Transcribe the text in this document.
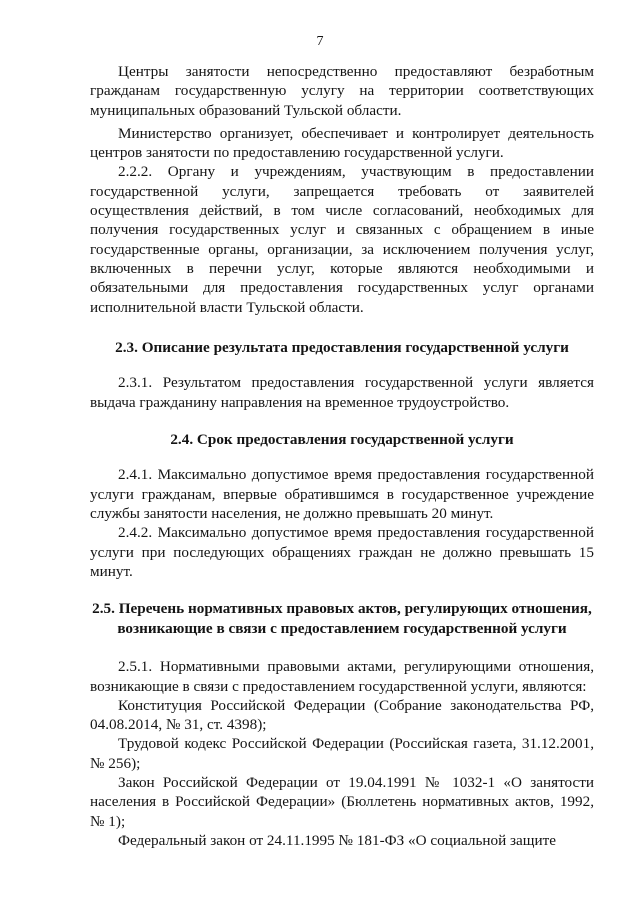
7

Центры занятости непосредственно предоставляют безработным гражданам государственную услугу на территории соответствующих муниципальных образований Тульской области.

Министерство организует, обеспечивает и контролирует деятельность центров занятости по предоставлению государственной услуги.

2.2.2. Органу и учреждениям, участвующим в предоставлении государственной услуги, запрещается требовать от заявителей осуществления действий, в том числе согласований, необходимых для получения государственных услуг и связанных с обращением в иные государственные органы, организации, за исключением получения услуг, включенных в перечни услуг, которые являются необходимыми и обязательными для предоставления государственных услуг органами исполнительной власти Тульской области.

2.3. Описание результата предоставления государственной услуги

2.3.1. Результатом предоставления государственной услуги является выдача гражданину направления на временное трудоустройство.

2.4. Срок предоставления государственной услуги

2.4.1. Максимально допустимое время предоставления государственной услуги гражданам, впервые обратившимся в государственное учреждение службы занятости населения, не должно превышать 20 минут.

2.4.2. Максимально допустимое время предоставления государственной услуги при последующих обращениях граждан не должно превышать 15 минут.

2.5. Перечень нормативных правовых актов, регулирующих отношения,
возникающие в связи с предоставлением государственной услуги

2.5.1. Нормативными правовыми актами, регулирующими отношения, возникающие в связи с предоставлением государственной услуги, являются:

Конституция Российской Федерации (Собрание законодательства РФ, 04.08.2014, № 31, ст. 4398);

Трудовой кодекс Российской Федерации (Российская газета, 31.12.2001, № 256);

Закон Российской Федерации от 19.04.1991 № 1032-1 «О занятости населения в Российской Федерации» (Бюллетень нормативных актов, 1992, № 1);

Федеральный закон от 24.11.1995 № 181-ФЗ «О социальной защите
